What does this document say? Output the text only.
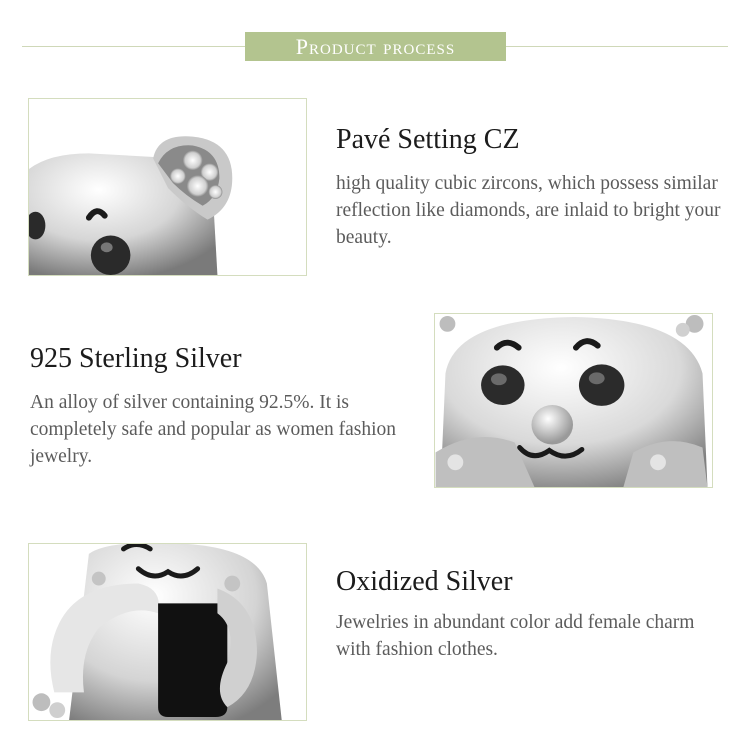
Product process
Pavé Setting CZ
high quality cubic zircons, which possess similar reflection like diamonds, are inlaid to bright your beauty.
925 Sterling Silver
An alloy of silver containing 92.5%. It is completely safe and popular as women fashion jewelry.
Oxidized Silver
Jewelries in abundant color add female charm with fashion clothes.
